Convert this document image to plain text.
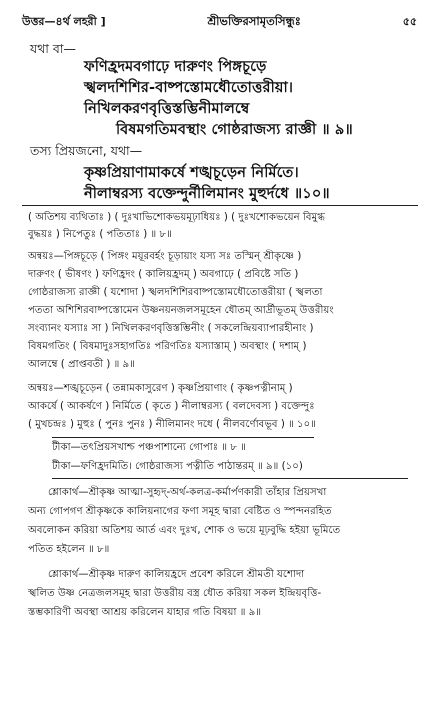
উত্তর—৪র্থ লহরী ]	শ্রীভক্তিরসামৃতসিন্ধুঃ	৫৫
যথা বা—
ফণিহ্রদমবগাঢ়ে দারুণং পিঙ্গচূড়ে
স্খলদশিশির-বাষ্পস্তোমধৌতোত্তরীয়া।
নিখিলকরণবৃত্তিস্তম্ভিনীমালম্বে
বিষমগতিমবস্থাং গোষ্ঠরাজস্য রাজ্ঞী ॥ ৯॥
তস্য প্রিয়জনো, যথা—
কৃষ্ণপ্রিয়াণামাকর্ষে শঙ্খচূড়েন নির্মিতে।
নীলাম্বরস্য বক্তেন্দুর্নীলিমানং মুহুর্দধে ॥১০॥
( অতিশয় ব্যথিতাঃ ) ( দুঃখাভিশোকভয়মূঢ়াধিয়ঃ ) ( দুঃখশোকভয়েন বিমুগ্ধ
বুদ্ধয়ঃ ) নিপেতুঃ ( পতিতাঃ ) ॥ ৮॥
অন্বয়ঃ—পিঙ্গচূড়ে ( পিঙ্গং ময়ূরবর্হং চূড়ায়াং যস্য সঃ তস্মিন্ শ্রীকৃষ্ণে )
দারুণং ( ভীষণং ) ফণিহ্রদং ( কালিয়হ্রদম্ ) অবগাঢ়ে ( প্রবিষ্টে সতি )
গোষ্ঠরাজস্য রাজ্ঞী ( যশোদা ) স্খলদশিশিরবাষ্পস্তোমধৌতোত্তরীয়া ( স্খলতা
পততা অশিশিরবাষ্পস্তোমেন উষ্ণনয়নজলসমূহেন ধৌতম্ আর্দ্রীভূতম্ উত্তরীয়ং
সংব্যানং যস্যাঃ সা ) নিখিলকরণবৃত্তিস্তম্ভিনীং ( সকলেন্দ্রিয়ব্যাপারহীনাং )
বিষমগতিং ( বিষমাদুঃসহাগতিঃ পরিণতিঃ যস্যাস্তাম্ ) অবস্থাং ( দশাম্ )
আলম্বে ( প্রাপ্তবতী ) ॥ ৯॥
অন্বয়ঃ—শঙ্খচূড়েন ( তন্নামকাসুরেণ ) কৃষ্ণপ্রিয়াণাং ( কৃষ্ণপত্নীনাম্ )
আকর্ষে ( আকর্ষণে ) নির্মিতে ( কৃতে ) নীলাম্বরস্য ( বলদেবস্য ) বক্তেন্দুঃ
( মুখচন্দ্রঃ ) মুহুঃ ( পুনঃ পুনঃ ) নীলিমানং দধে ( নীলবর্ণোবভূব ) ॥ ১০॥
টীকা—তৎপ্রিয়সখাশ্চ পঞ্চপাশান্যে গোপাঃ ॥ ৮ ॥
টীকা—ফণিহ্রদমিতি। গোষ্ঠরাজস্য পত্নীতি পাঠান্তরম্ ॥ ৯॥ (১০)
শ্লোকার্থ—শ্রীকৃষ্ণ আত্মা-সুহৃদ্-অর্থ-কলত্র-কর্মার্পণকারী তাঁহার প্রিয়সখা
অন্য গোপগণ শ্রীকৃষ্ণকে কালিয়নাগের ফণা সমূহ দ্বারা বেষ্টিত ও স্পন্দনরহিত
অবলোকন করিয়া অতিশয় আর্ত এবং দুঃখ, শোক ও ভয়ে মূঢ়বুদ্ধি হইয়া ভূমিতে
পতিত হইলেন ॥ ৮॥
শ্লোকার্থ—শ্রীকৃষ্ণ দারুণ কালিয়হ্রদে প্রবেশ করিলে শ্রীমতী যশোদা
স্খলিত উষ্ণ নেত্রজলসমূহ দ্বারা উত্তরীয় বস্ত্র ধৌত করিয়া সকল ইন্দ্রিয়বৃত্তি-
স্তম্ভকারিণী অবস্থা আশ্রয় করিলেন যাহার গতি বিষয়া ॥ ৯॥
